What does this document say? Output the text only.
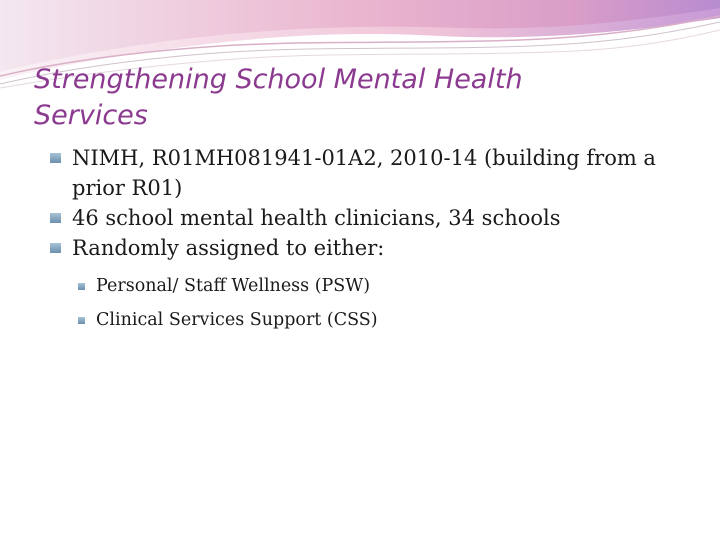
Strengthening School Mental Health Services
NIMH, R01MH081941-01A2, 2010-14 (building from a prior R01)
46 school mental health clinicians, 34 schools
Randomly assigned to either:
Personal/ Staff Wellness (PSW)
Clinical Services Support (CSS)
